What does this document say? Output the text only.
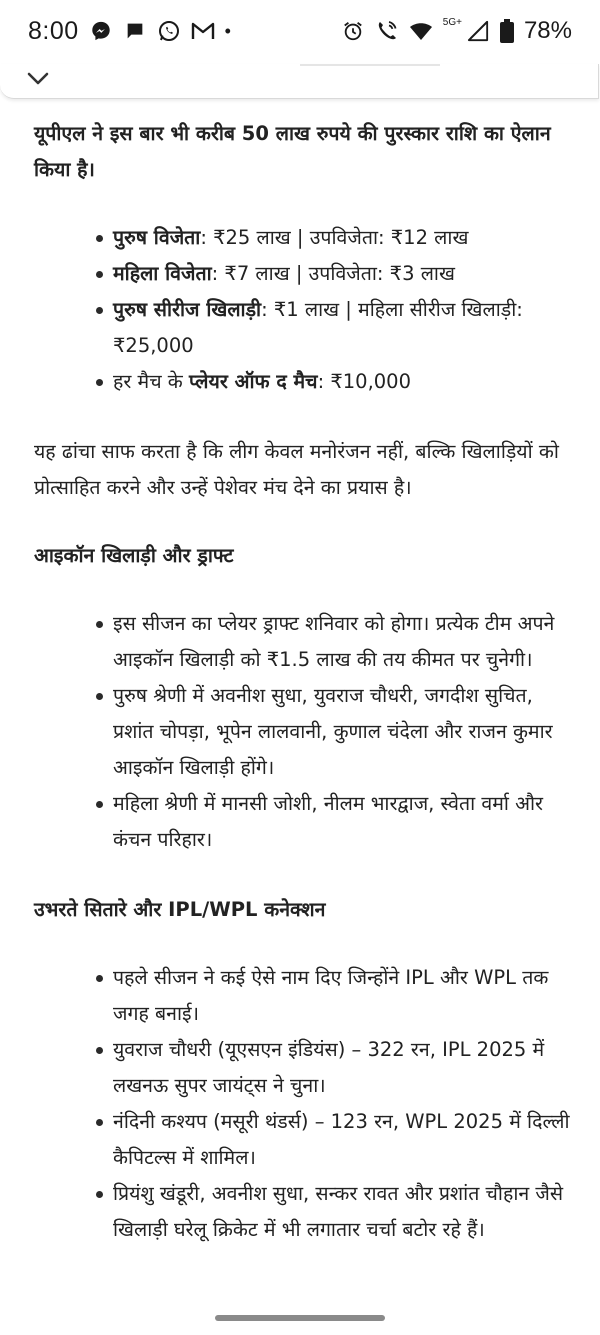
8:00	•	5G+	78%

यूपीएल ने इस बार भी करीब 50 लाख रुपये की पुरस्कार राशि का ऐलान किया है।

पुरुष विजेता: ₹25 लाख | उपविजेता: ₹12 लाख
महिला विजेता: ₹7 लाख | उपविजेता: ₹3 लाख
पुरुष सीरीज खिलाड़ी: ₹1 लाख | महिला सीरीज खिलाड़ी: ₹25,000
हर मैच के प्लेयर ऑफ द मैच: ₹10,000

यह ढांचा साफ करता है कि लीग केवल मनोरंजन नहीं, बल्कि खिलाड़ियों को प्रोत्साहित करने और उन्हें पेशेवर मंच देने का प्रयास है।

आइकॉन खिलाड़ी और ड्राफ्ट

इस सीजन का प्लेयर ड्राफ्ट शनिवार को होगा। प्रत्येक टीम अपने आइकॉन खिलाड़ी को ₹1.5 लाख की तय कीमत पर चुनेगी।
पुरुष श्रेणी में अवनीश सुधा, युवराज चौधरी, जगदीश सुचित, प्रशांत चोपड़ा, भूपेन लालवानी, कुणाल चंदेला और राजन कुमार आइकॉन खिलाड़ी होंगे।
महिला श्रेणी में मानसी जोशी, नीलम भारद्वाज, स्वेता वर्मा और कंचन परिहार।

उभरते सितारे और IPL/WPL कनेक्शन

पहले सीजन ने कई ऐसे नाम दिए जिन्होंने IPL और WPL तक जगह बनाई।
युवराज चौधरी (यूएसएन इंडियंस) – 322 रन, IPL 2025 में लखनऊ सुपर जायंट्स ने चुना।
नंदिनी कश्यप (मसूरी थंडर्स) – 123 रन, WPL 2025 में दिल्ली कैपिटल्स में शामिल।
प्रियंशु खंडूरी, अवनीश सुधा, सन्कर रावत और प्रशांत चौहान जैसे खिलाड़ी घरेलू क्रिकेट में भी लगातार चर्चा बटोर रहे हैं।
